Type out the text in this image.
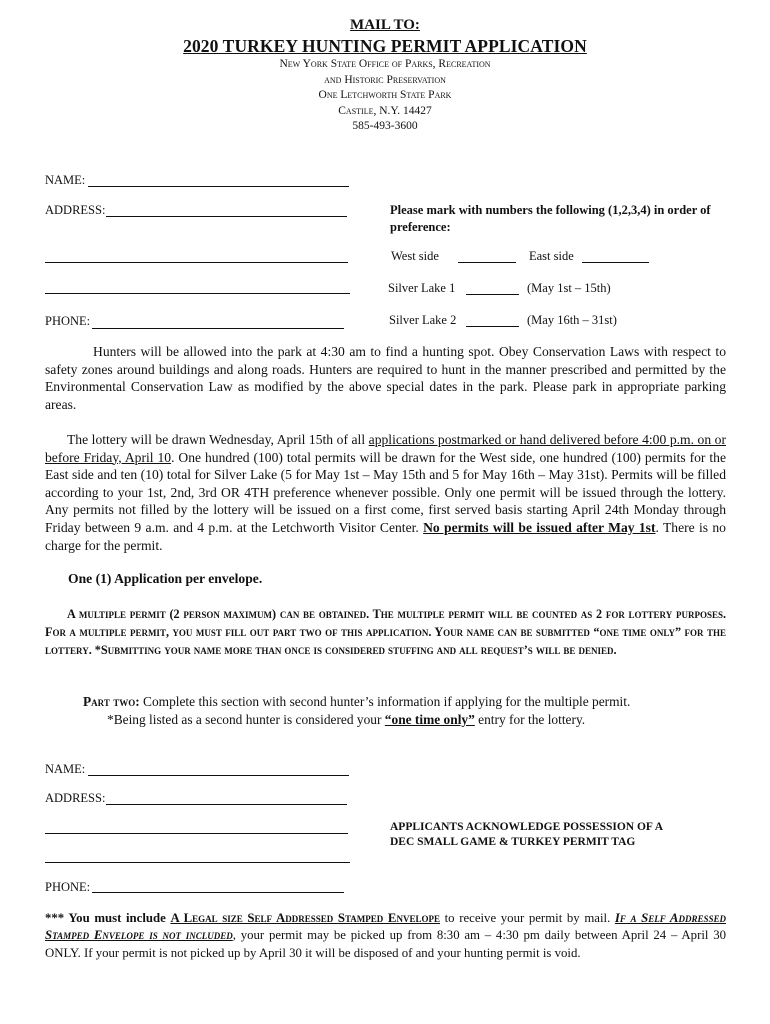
MAIL TO:
2020 TURKEY HUNTING PERMIT APPLICATION
New York State Office of Parks, Recreation
and Historic Preservation
One Letchworth State Park
Castile, N.Y. 14427
585-493-3600
NAME:
ADDRESS:
PHONE:
Please mark with numbers the following (1,2,3,4) in order of preference:
West side	East side
Silver Lake 1	(May 1st – 15th)
Silver Lake 2	(May 16th – 31st)
Hunters will be allowed into the park at 4:30 am to find a hunting spot. Obey Conservation Laws with respect to safety zones around buildings and along roads. Hunters are required to hunt in the manner prescribed and permitted by the Environmental Conservation Law as modified by the above special dates in the park. Please park in appropriate parking areas.
The lottery will be drawn Wednesday, April 15th of all applications postmarked or hand delivered before 4:00 p.m. on or before Friday, April 10. One hundred (100) total permits will be drawn for the West side, one hundred (100) permits for the East side and ten (10) total for Silver Lake (5 for May 1st – May 15th and 5 for May 16th – May 31st). Permits will be filled according to your 1st, 2nd, 3rd OR 4TH preference whenever possible. Only one permit will be issued through the lottery. Any permits not filled by the lottery will be issued on a first come, first served basis starting April 24th Monday through Friday between 9 a.m. and 4 p.m. at the Letchworth Visitor Center. No permits will be issued after May 1st. There is no charge for the permit.
One (1) Application per envelope.
A multiple permit (2 person maximum) can be obtained. The multiple permit will be counted as 2 for lottery purposes. For a multiple permit, you must fill out part two of this application. Your name can be submitted “one time only” for the lottery. *Submitting your name more than once is considered stuffing and all request’s will be denied.
Part two: Complete this section with second hunter’s information if applying for the multiple permit.
*Being listed as a second hunter is considered your “one time only” entry for the lottery.
NAME:
ADDRESS:
PHONE:
APPLICANTS ACKNOWLEDGE POSSESSION OF A
DEC SMALL GAME & TURKEY PERMIT TAG
*** You must include A Legal size Self Addressed Stamped Envelope to receive your permit by mail. If a Self Addressed Stamped Envelope is not included, your permit may be picked up from 8:30 am – 4:30 pm daily between April 24 – April 30 ONLY. If your permit is not picked up by April 30 it will be disposed of and your hunting permit is void.
